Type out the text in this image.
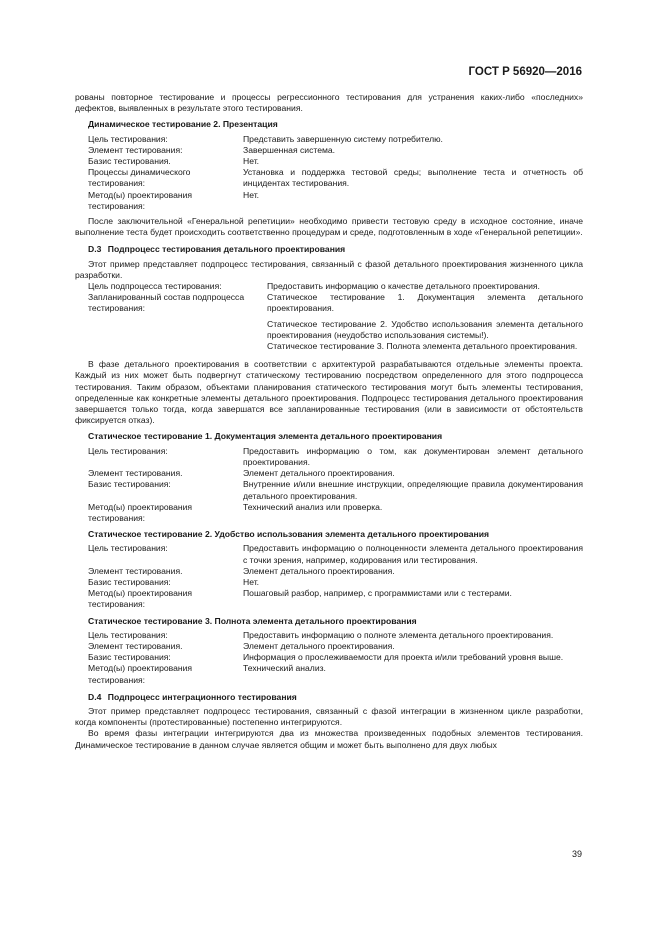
ГОСТ Р 56920—2016

рованы повторное тестирование и процессы регрессионного тестирования для устранения каких-либо «последних» дефектов, выявленных в результате этого тестирования.

Динамическое тестирование 2. Презентация
Цель тестирования:	Представить завершенную систему потребителю.
Элемент тестирования:	Завершенная система.
Базис тестирования.	Нет.
Процессы динамического тестирования:	Установка и поддержка тестовой среды; выполнение теста и отчетность об инцидентах тестирования.
Метод(ы) проектирования тестирования:	Нет.

После заключительной «Генеральной репетиции» необходимо привести тестовую среду в исходное состояние, иначе выполнение теста будет происходить соответственно процедурам и среде, подготовленным в ходе «Генеральной репетиции».

D.3 Подпроцесс тестирования детального проектирования

Этот пример представляет подпроцесс тестирования, связанный с фазой детального проектирования жизненного цикла разработки.

Цель подпроцесса тестирования:	Предоставить информацию о качестве детального проектирования.
Запланированный состав подпроцесса тестирования:	Статическое тестирование 1. Документация элемента детального проектирования.
	Статическое тестирование 2. Удобство использования элемента детального проектирования (неудобство использования системы!).
	Статическое тестирование 3. Полнота элемента детального проектирования.

В фазе детального проектирования в соответствии с архитектурой разрабатываются отдельные элементы проекта. Каждый из них может быть подвергнут статическому тестированию посредством определенного для этого подпроцесса тестирования. Таким образом, объектами планирования статического тестирования могут быть элементы тестирования, определенные как конкретные элементы детального проектирования. Подпроцесс тестирования детального проектирования завершается только тогда, когда завершатся все запланированные тестирования (или в зависимости от обстоятельств фиксируется отказ).

Статическое тестирование 1. Документация элемента детального проектирования
Цель тестирования:	Предоставить информацию о том, как документирован элемент детального проектирования.
Элемент тестирования.	Элемент детального проектирования.
Базис тестирования:	Внутренние и/или внешние инструкции, определяющие правила документирования детального проектирования.
Метод(ы) проектирования тестирования:	Технический анализ или проверка.
Статическое тестирование 2. Удобство использования элемента детального проектирования
Цель тестирования:	Предоставить информацию о полноценности элемента детального проектирования с точки зрения, например, кодирования или тестирования.
Элемент тестирования.	Элемент детального проектирования.
Базис тестирования:	Нет.
Метод(ы) проектирования тестирования:	Пошаговый разбор, например, с программистами или с тестерами.
Статическое тестирование 3. Полнота элемента детального проектирования
Цель тестирования:	Предоставить информацию о полноте элемента детального проектирования.
Элемент тестирования.	Элемент детального проектирования.
Базис тестирования:	Информация о прослеживаемости для проекта и/или требований уровня выше.
Метод(ы) проектирования тестирования:	Технический анализ.
D.4 Подпроцесс интеграционного тестирования

Этот пример представляет подпроцесс тестирования, связанный с фазой интеграции в жизненном цикле разработки, когда компоненты (протестированные) постепенно интегрируются.

Во время фазы интеграции интегрируются два из множества произведенных подобных элементов тестирования. Динамическое тестирование в данном случае является общим и может быть выполнено для двух любых

39
